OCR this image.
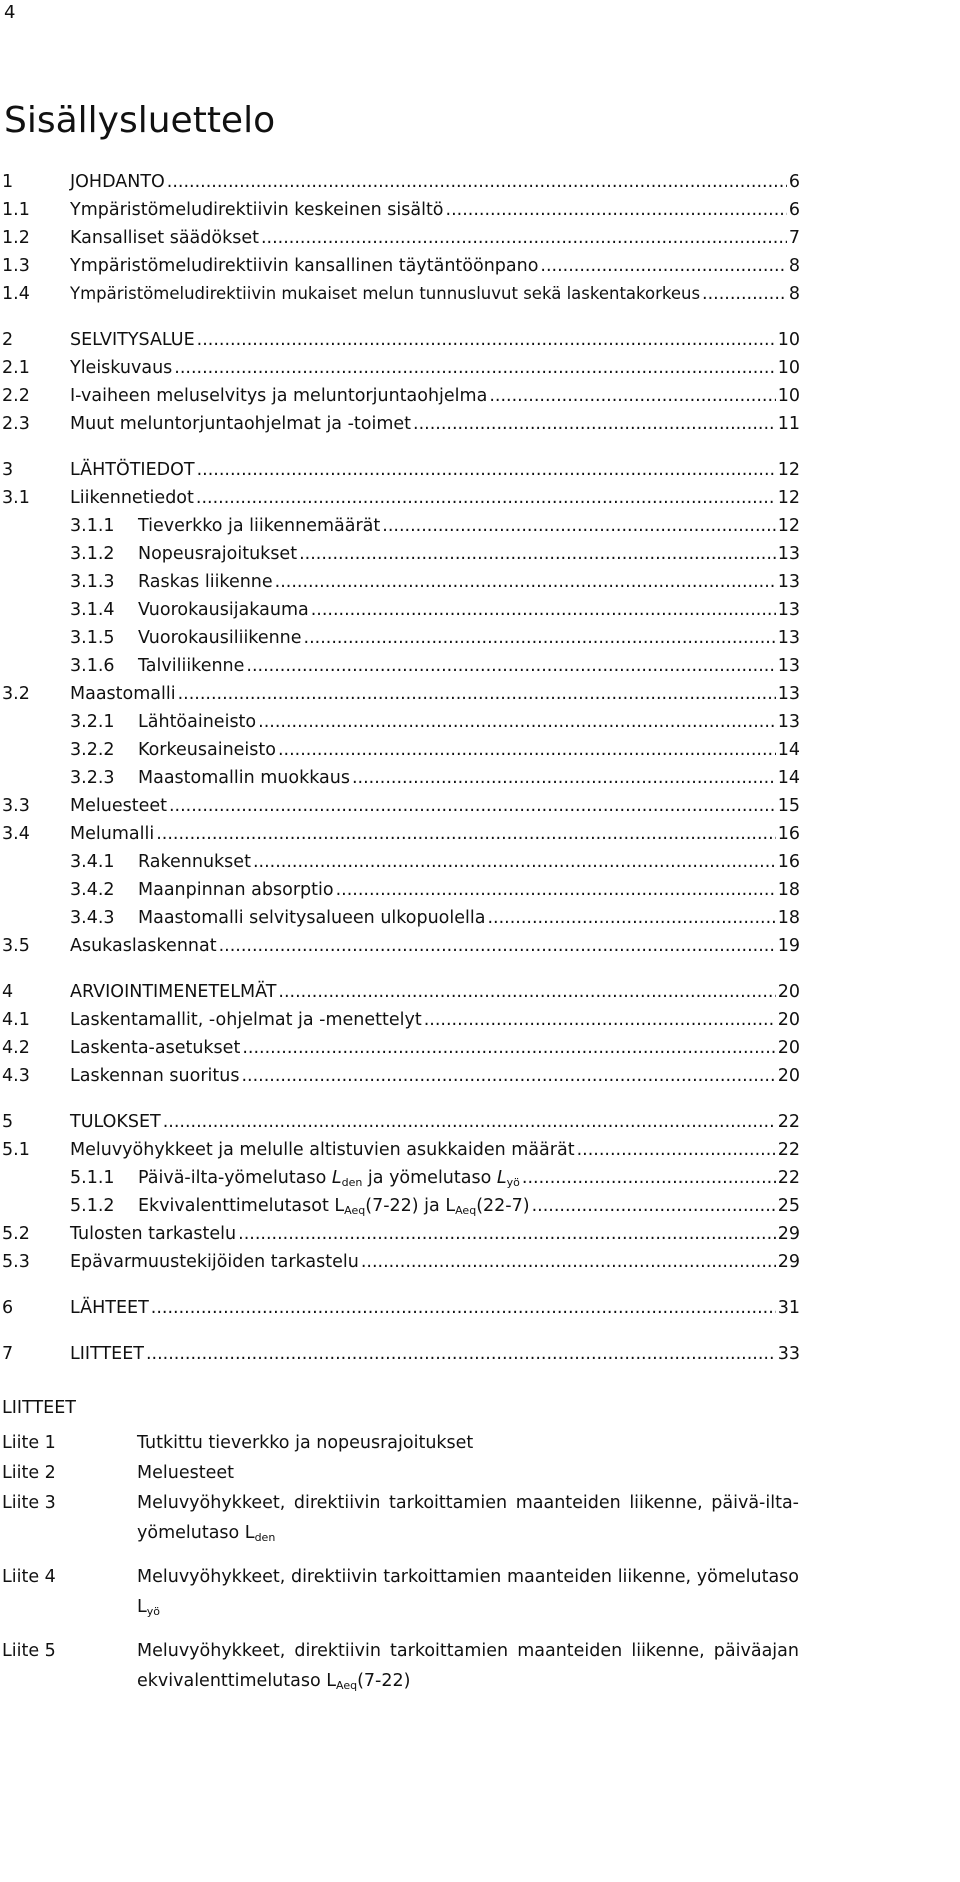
4
Sisällysluettelo
1	JOHDANTO .....	6
1.1 Ympäristömeludirektiivin keskeinen sisältö .....	6
1.2 Kansalliset säädökset .....	7
1.3 Ympäristömeludirektiivin kansallinen täytäntöönpano .....	8
1.4 Ympäristömeludirektiivin mukaiset melun tunnusluvut sekä laskentakorkeus .....	8
2	SELVITYSALUE .....	10
2.1 Yleiskuvaus .....	10
2.2 I-vaiheen meluselvitys ja meluntorjuntaohjelma .....	10
2.3 Muut meluntorjuntaohjelmat ja -toimet .....	11
3	LÄHTÖTIEDOT .....	12
3.1 Liikennetiedot .....	12
3.1.1 Tieverkko ja liikennemäärät .....	12
3.1.2 Nopeusrajoitukset .....	13
3.1.3 Raskas liikenne .....	13
3.1.4 Vuorokausijakauma .....	13
3.1.5 Vuorokausiliikenne .....	13
3.1.6 Talviliikenne .....	13
3.2 Maastomalli .....	13
3.2.1 Lähtöaineisto .....	13
3.2.2 Korkeusaineisto .....	14
3.2.3 Maastomallin muokkaus .....	14
3.3 Meluesteet .....	15
3.4 Melumalli .....	16
3.4.1 Rakennukset .....	16
3.4.2 Maanpinnan absorptio .....	18
3.4.3 Maastomalli selvitysalueen ulkopuolella .....	18
3.5 Asukaslaskennat .....	19
4	ARVIOINTIMENETELMÄT .....	20
4.1 Laskentamallit, -ohjelmat ja -menettelyt .....	20
4.2 Laskenta-asetukset .....	20
4.3 Laskennan suoritus .....	20
5	TULOKSET .....	22
5.1 Meluvyöhykkeet ja melulle altistuvien asukkaiden määrät .....	22
5.1.1 Päivä-ilta-yömelutaso $L_{den}$ ja yömelutaso $L_{yö}$ .....	22
5.1.2 Ekvivalenttimelutasot $L_{Aeq}(7-22)$ ja $L_{Aeq}(22-7)$ .....	25
5.2 Tulosten tarkastelu .....	29
5.3 Epävarmuustekijöiden tarkastelu .....	29
6	LÄHTEET .....	31
7	LIITTEET .....	33
LIITTEET
Liite 1	Tutkittu tieverkko ja nopeusrajoitukset
Liite 2	Meluesteet
Liite 3	Meluvyöhykkeet, direktiivin tarkoittamien maanteiden liikenne, päivä-ilta-yömelutaso $L_{den}$
Liite 4	Meluvyöhykkeet, direktiivin tarkoittamien maanteiden liikenne, yömelutaso $L_{yö}$
Liite 5	Meluvyöhykkeet, direktiivin tarkoittamien maanteiden liikenne, päiväajan ekvivalenttimelutaso $L_{Aeq}(7-22)$
